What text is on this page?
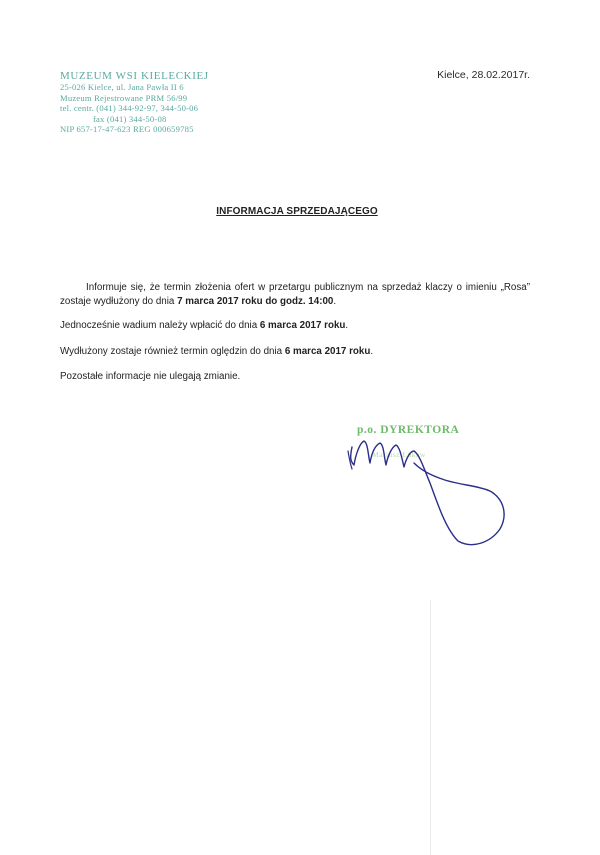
MUZEUM WSI KIELECKIEJ
25-026 Kielce, ul. Jana Pawła II 6
Muzeum Rejestrowane PRM 56/99
tel. centr. (041) 344-92-97, 344-50-06
fax (041) 344-50-08
NIP 657-17-47-623 REG 000659785
Kielce, 28.02.2017r.
INFORMACJA SPRZEDAJĄCEGO

Informuje się, że termin złożenia ofert w przetargu publicznym na sprzedaż klaczy o imieniu „Rosa” zostaje wydłużony do dnia 7 marca 2017 roku do godz. 14:00.

Jednocześnie wadium należy wpłacić do dnia 6 marca 2017 roku.

Wydłużony zostaje również termin oględzin do dnia 6 marca 2017 roku.

Pozostałe informacje nie ulegają zmianie.

p.o. DYREKTORA
Mariusz Łukaw
